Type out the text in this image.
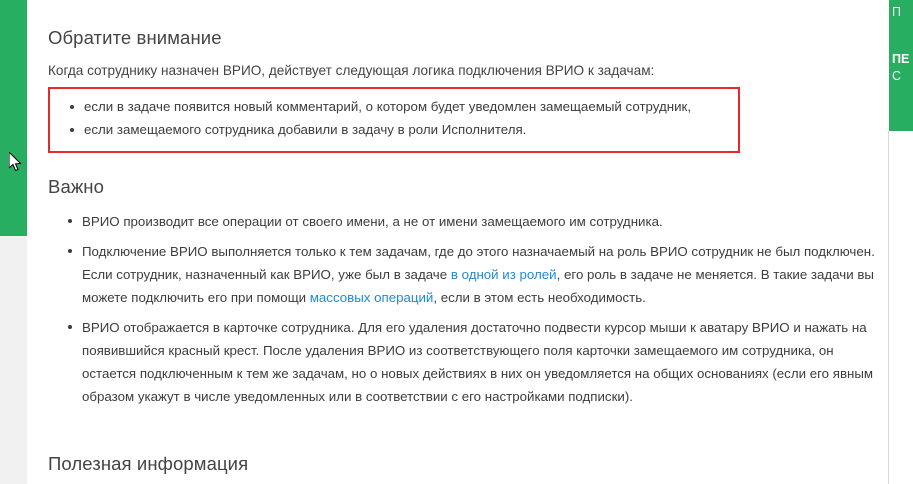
П
ПЕ
С
Обратите внимание

Когда сотруднику назначен ВРИО, действует следующая логика подключения ВРИО к задачам:

если в задаче появится новый комментарий, о котором будет уведомлен замещаемый сотрудник,
если замещаемого сотрудника добавили в задачу в роли Исполнителя.
Важно
ВРИО производит все операции от своего имени, а не от имени замещаемого им сотрудника.
Подключение ВРИО выполняется только к тем задачам, где до этого назначаемый на роль ВРИО сотрудник не был подключен. Если сотрудник, назначенный как ВРИО, уже был в задаче в одной из ролей, его роль в задаче не меняется. В такие задачи вы можете подключить его при помощи массовых операций, если в этом есть необходимость.
ВРИО отображается в карточке сотрудника. Для его удаления достаточно подвести курсор мыши к аватару ВРИО и нажать на появившийся красный крест. После удаления ВРИО из соответствующего поля карточки замещаемого им сотрудника, он остается подключенным к тем же задачам, но о новых действиях в них он уведомляется на общих основаниях (если его явным образом укажут в числе уведомленных или в соответствии с его настройками подписки).
Полезная информация
